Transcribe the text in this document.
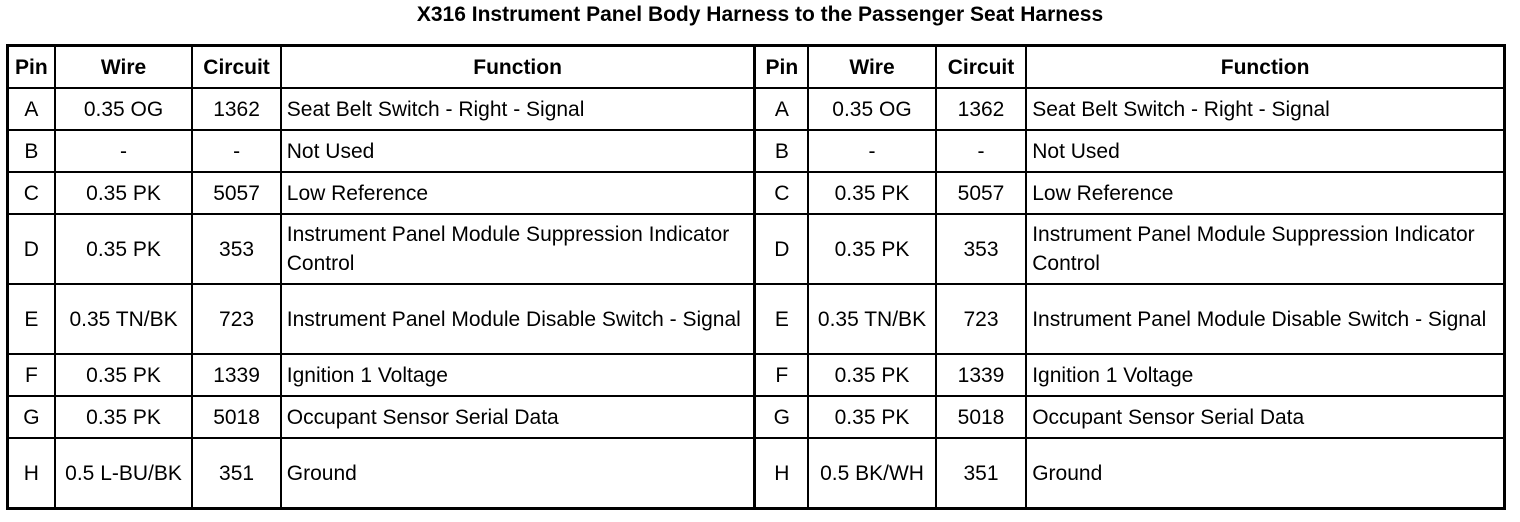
X316 Instrument Panel Body Harness to the Passenger Seat Harness
Pin	Wire	Circuit	Function	Pin	Wire	Circuit	Function
A	0.35 OG	1362	Seat Belt Switch - Right - Signal	A	0.35 OG	1362	Seat Belt Switch - Right - Signal
B	-	-	Not Used	B	-	-	Not Used
C	0.35 PK	5057	Low Reference	C	0.35 PK	5057	Low Reference
D	0.35 PK	353	Instrument Panel Module Suppression Indicator Control	D	0.35 PK	353	Instrument Panel Module Suppression Indicator Control
E	0.35 TN/BK	723	Instrument Panel Module Disable Switch - Signal	E	0.35 TN/BK	723	Instrument Panel Module Disable Switch - Signal
F	0.35 PK	1339	Ignition 1 Voltage	F	0.35 PK	1339	Ignition 1 Voltage
G	0.35 PK	5018	Occupant Sensor Serial Data	G	0.35 PK	5018	Occupant Sensor Serial Data
H	0.5 L-BU/BK	351	Ground	H	0.5 BK/WH	351	Ground
